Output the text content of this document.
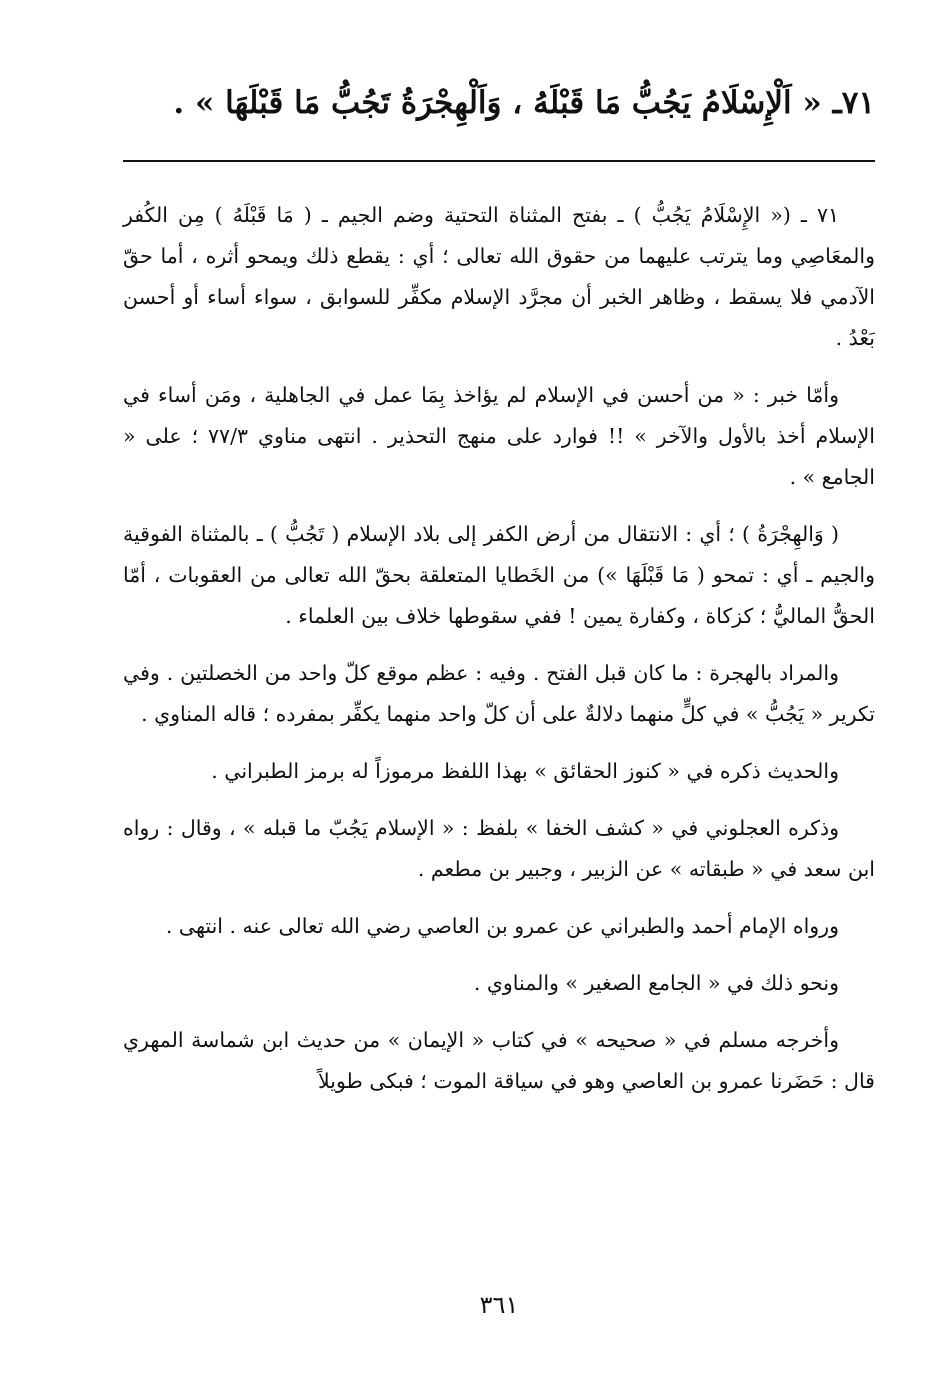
٧١ـ « اَلْإِسْلَامُ يَجُبُّ مَا قَبْلَهُ ، وَاَلْهِجْرَةُ تَجُبُّ مَا قَبْلَهَا » .

٧١ ـ (« الإِسْلَامُ يَجُبُّ ) ـ بفتح المثناة التحتية وضم الجيم ـ ( مَا قَبْلَهُ ) مِن الكُفر والمعَاصِي وما يترتب عليهما من حقوق الله تعالى ؛ أي : يقطع ذلك ويمحو أثره ، أما حقّ الآدمي فلا يسقط ، وظاهر الخبر أن مجرَّد الإسلام مكفِّر للسوابق ، سواء أساء أو أحسن بَعْدُ .

وأمّا خبر : « من أحسن في الإسلام لم يؤاخذ بِمَا عمل في الجاهلية ، ومَن أساء في الإسلام أخذ بالأول والآخر » !! فوارد على منهج التحذير . انتهى مناوي ٧٧/٣ ؛ على « الجامع » .

( وَالهِجْرَةُ ) ؛ أي : الانتقال من أرض الكفر إلى بلاد الإسلام ( تَجُبُّ ) ـ بالمثناة الفوقية والجيم ـ أي : تمحو ( مَا قَبْلَهَا ») من الخَطايا المتعلقة بحقّ الله تعالى من العقوبات ، أمّا الحقُّ الماليُّ ؛ كزكاة ، وكفارة يمين ! ففي سقوطها خلاف بين العلماء .

والمراد بالهجرة : ما كان قبل الفتح . وفيه : عظم موقع كلّ واحد من الخصلتين . وفي تكرير « يَجُبُّ » في كلٍّ منهما دلالةٌ على أن كلّ واحد منهما يكفِّر بمفرده ؛ قاله المناوي .

والحديث ذكره في « كنوز الحقائق » بهذا اللفظ مرموزاً له برمز الطبراني .

وذكره العجلوني في « كشف الخفا » بلفظ : « الإسلام يَجُبّ ما قبله » ، وقال : رواه ابن سعد في « طبقاته » عن الزبير ، وجبير بن مطعم .

ورواه الإمام أحمد والطبراني عن عمرو بن العاصي رضي الله تعالى عنه . انتهى .

ونحو ذلك في « الجامع الصغير » والمناوي .

وأخرجه مسلم في « صحيحه » في كتاب « الإيمان » من حديث ابن شماسة المهري قال : حَضَرنا عمرو بن العاصي وهو في سياقة الموت ؛ فبكى طويلاً

٣٦١
